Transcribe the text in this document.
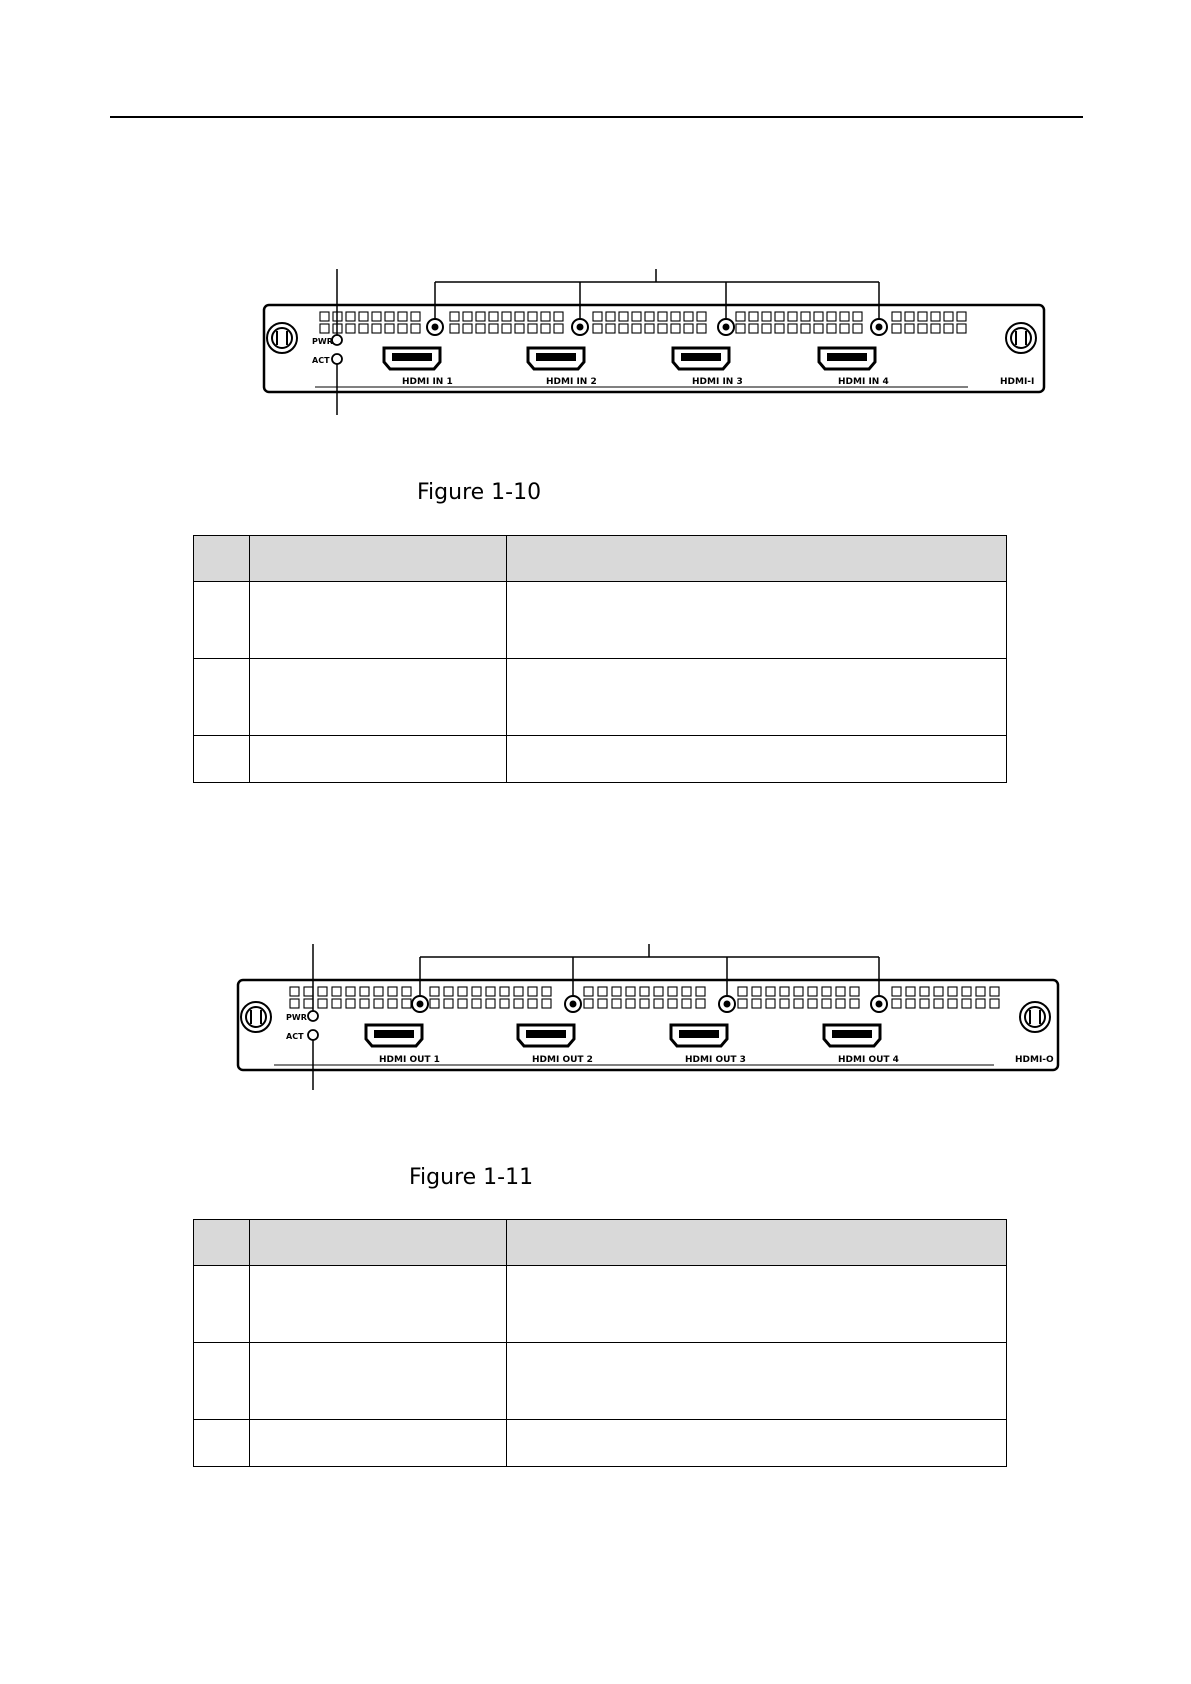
PWR
ACT
HDMI-I
HDMI IN 1	HDMI IN 2	HDMI IN 3	HDMI IN 4
Figure 1-10

PWR
ACT
HDMI-O
HDMI OUT 1	HDMI OUT 2	HDMI OUT 3	HDMI OUT 4
Figure 1-11
